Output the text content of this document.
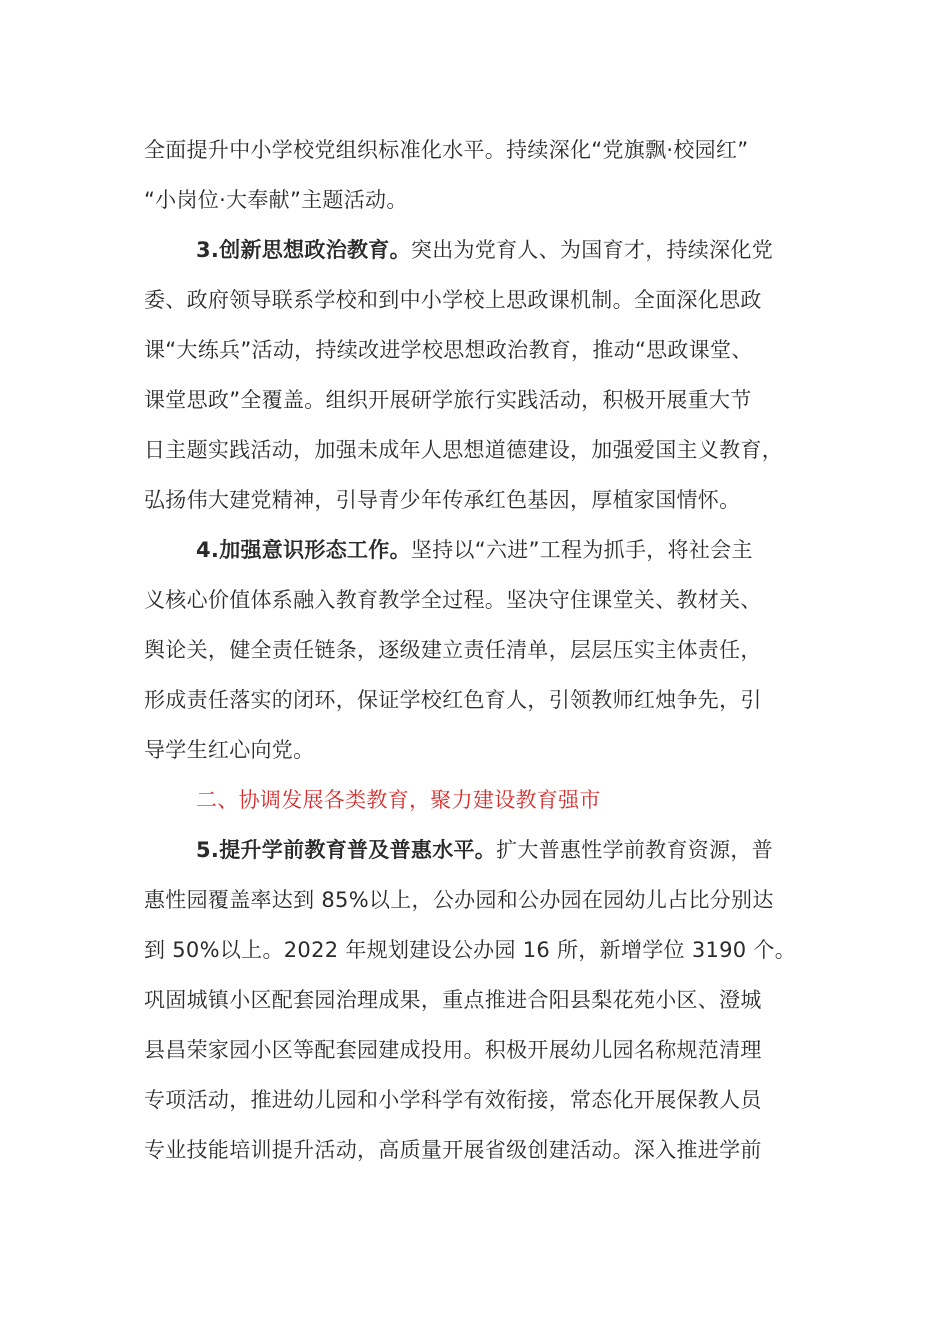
全面提升中小学校党组织标准化水平。持续深化“党旗飘·校园红”
“小岗位·大奉献”主题活动。
3.创新思想政治教育。突出为党育人、为国育才，持续深化党
委、政府领导联系学校和到中小学校上思政课机制。全面深化思政
课“大练兵”活动，持续改进学校思想政治教育，推动“思政课堂、
课堂思政”全覆盖。组织开展研学旅行实践活动，积极开展重大节
日主题实践活动，加强未成年人思想道德建设，加强爱国主义教育，
弘扬伟大建党精神，引导青少年传承红色基因，厚植家国情怀。
4.加强意识形态工作。坚持以“六进”工程为抓手，将社会主
义核心价值体系融入教育教学全过程。坚决守住课堂关、教材关、
舆论关，健全责任链条，逐级建立责任清单，层层压实主体责任，
形成责任落实的闭环，保证学校红色育人，引领教师红烛争先，引
导学生红心向党。
二、协调发展各类教育，聚力建设教育强市
5.提升学前教育普及普惠水平。扩大普惠性学前教育资源，普
惠性园覆盖率达到 85%以上，公办园和公办园在园幼儿占比分别达
到 50%以上。2022 年规划建设公办园 16 所，新增学位 3190 个。
巩固城镇小区配套园治理成果，重点推进合阳县梨花苑小区、澄城
县昌荣家园小区等配套园建成投用。积极开展幼儿园名称规范清理
专项活动，推进幼儿园和小学科学有效衔接，常态化开展保教人员
专业技能培训提升活动，高质量开展省级创建活动。深入推进学前
